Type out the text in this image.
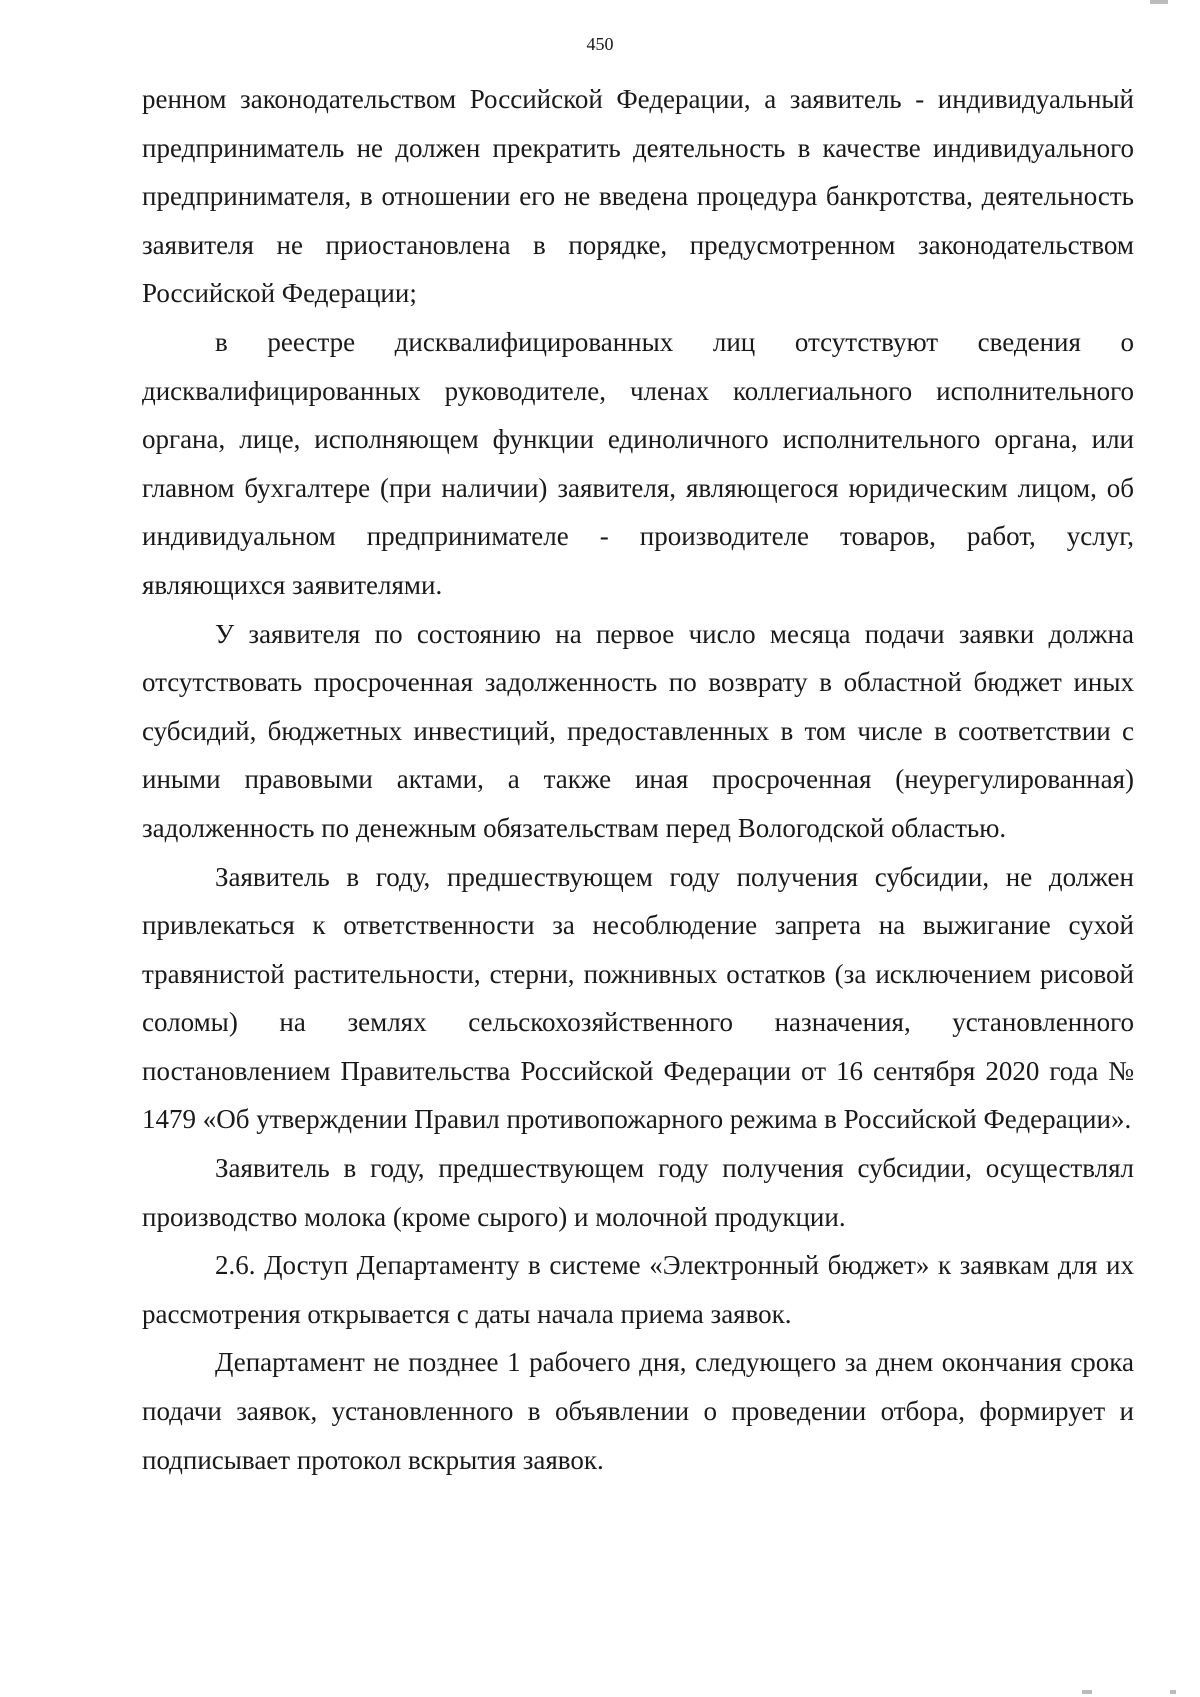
450

ренном законодательством Российской Федерации, а заявитель - индивидуальный предприниматель не должен прекратить деятельность в качестве индивидуального предпринимателя, в отношении его не введена процедура банкротства, деятельность заявителя не приостановлена в порядке, предусмотренном законодательством Российской Федерации;

в реестре дисквалифицированных лиц отсутствуют сведения о дисквалифицированных руководителе, членах коллегиального исполнительного органа, лице, исполняющем функции единоличного исполнительного органа, или главном бухгалтере (при наличии) заявителя, являющегося юридическим лицом, об индивидуальном предпринимателе - производителе товаров, работ, услуг, являющихся заявителями.

У заявителя по состоянию на первое число месяца подачи заявки должна отсутствовать просроченная задолженность по возврату в областной бюджет иных субсидий, бюджетных инвестиций, предоставленных в том числе в соответствии с иными правовыми актами, а также иная просроченная (неурегулированная) задолженность по денежным обязательствам перед Вологодской областью.

Заявитель в году, предшествующем году получения субсидии, не должен привлекаться к ответственности за несоблюдение запрета на выжигание сухой травянистой растительности, стерни, пожнивных остатков (за исключением рисовой соломы) на землях сельскохозяйственного назначения, установленного постановлением Правительства Российской Федерации от 16 сентября 2020 года № 1479 «Об утверждении Правил противопожарного режима в Российской Федерации».

Заявитель в году, предшествующем году получения субсидии, осуществлял производство молока (кроме сырого) и молочной продукции.

2.6. Доступ Департаменту в системе «Электронный бюджет» к заявкам для их рассмотрения открывается с даты начала приема заявок.

Департамент не позднее 1 рабочего дня, следующего за днем окончания срока подачи заявок, установленного в объявлении о проведении отбора, формирует и подписывает протокол вскрытия заявок.
